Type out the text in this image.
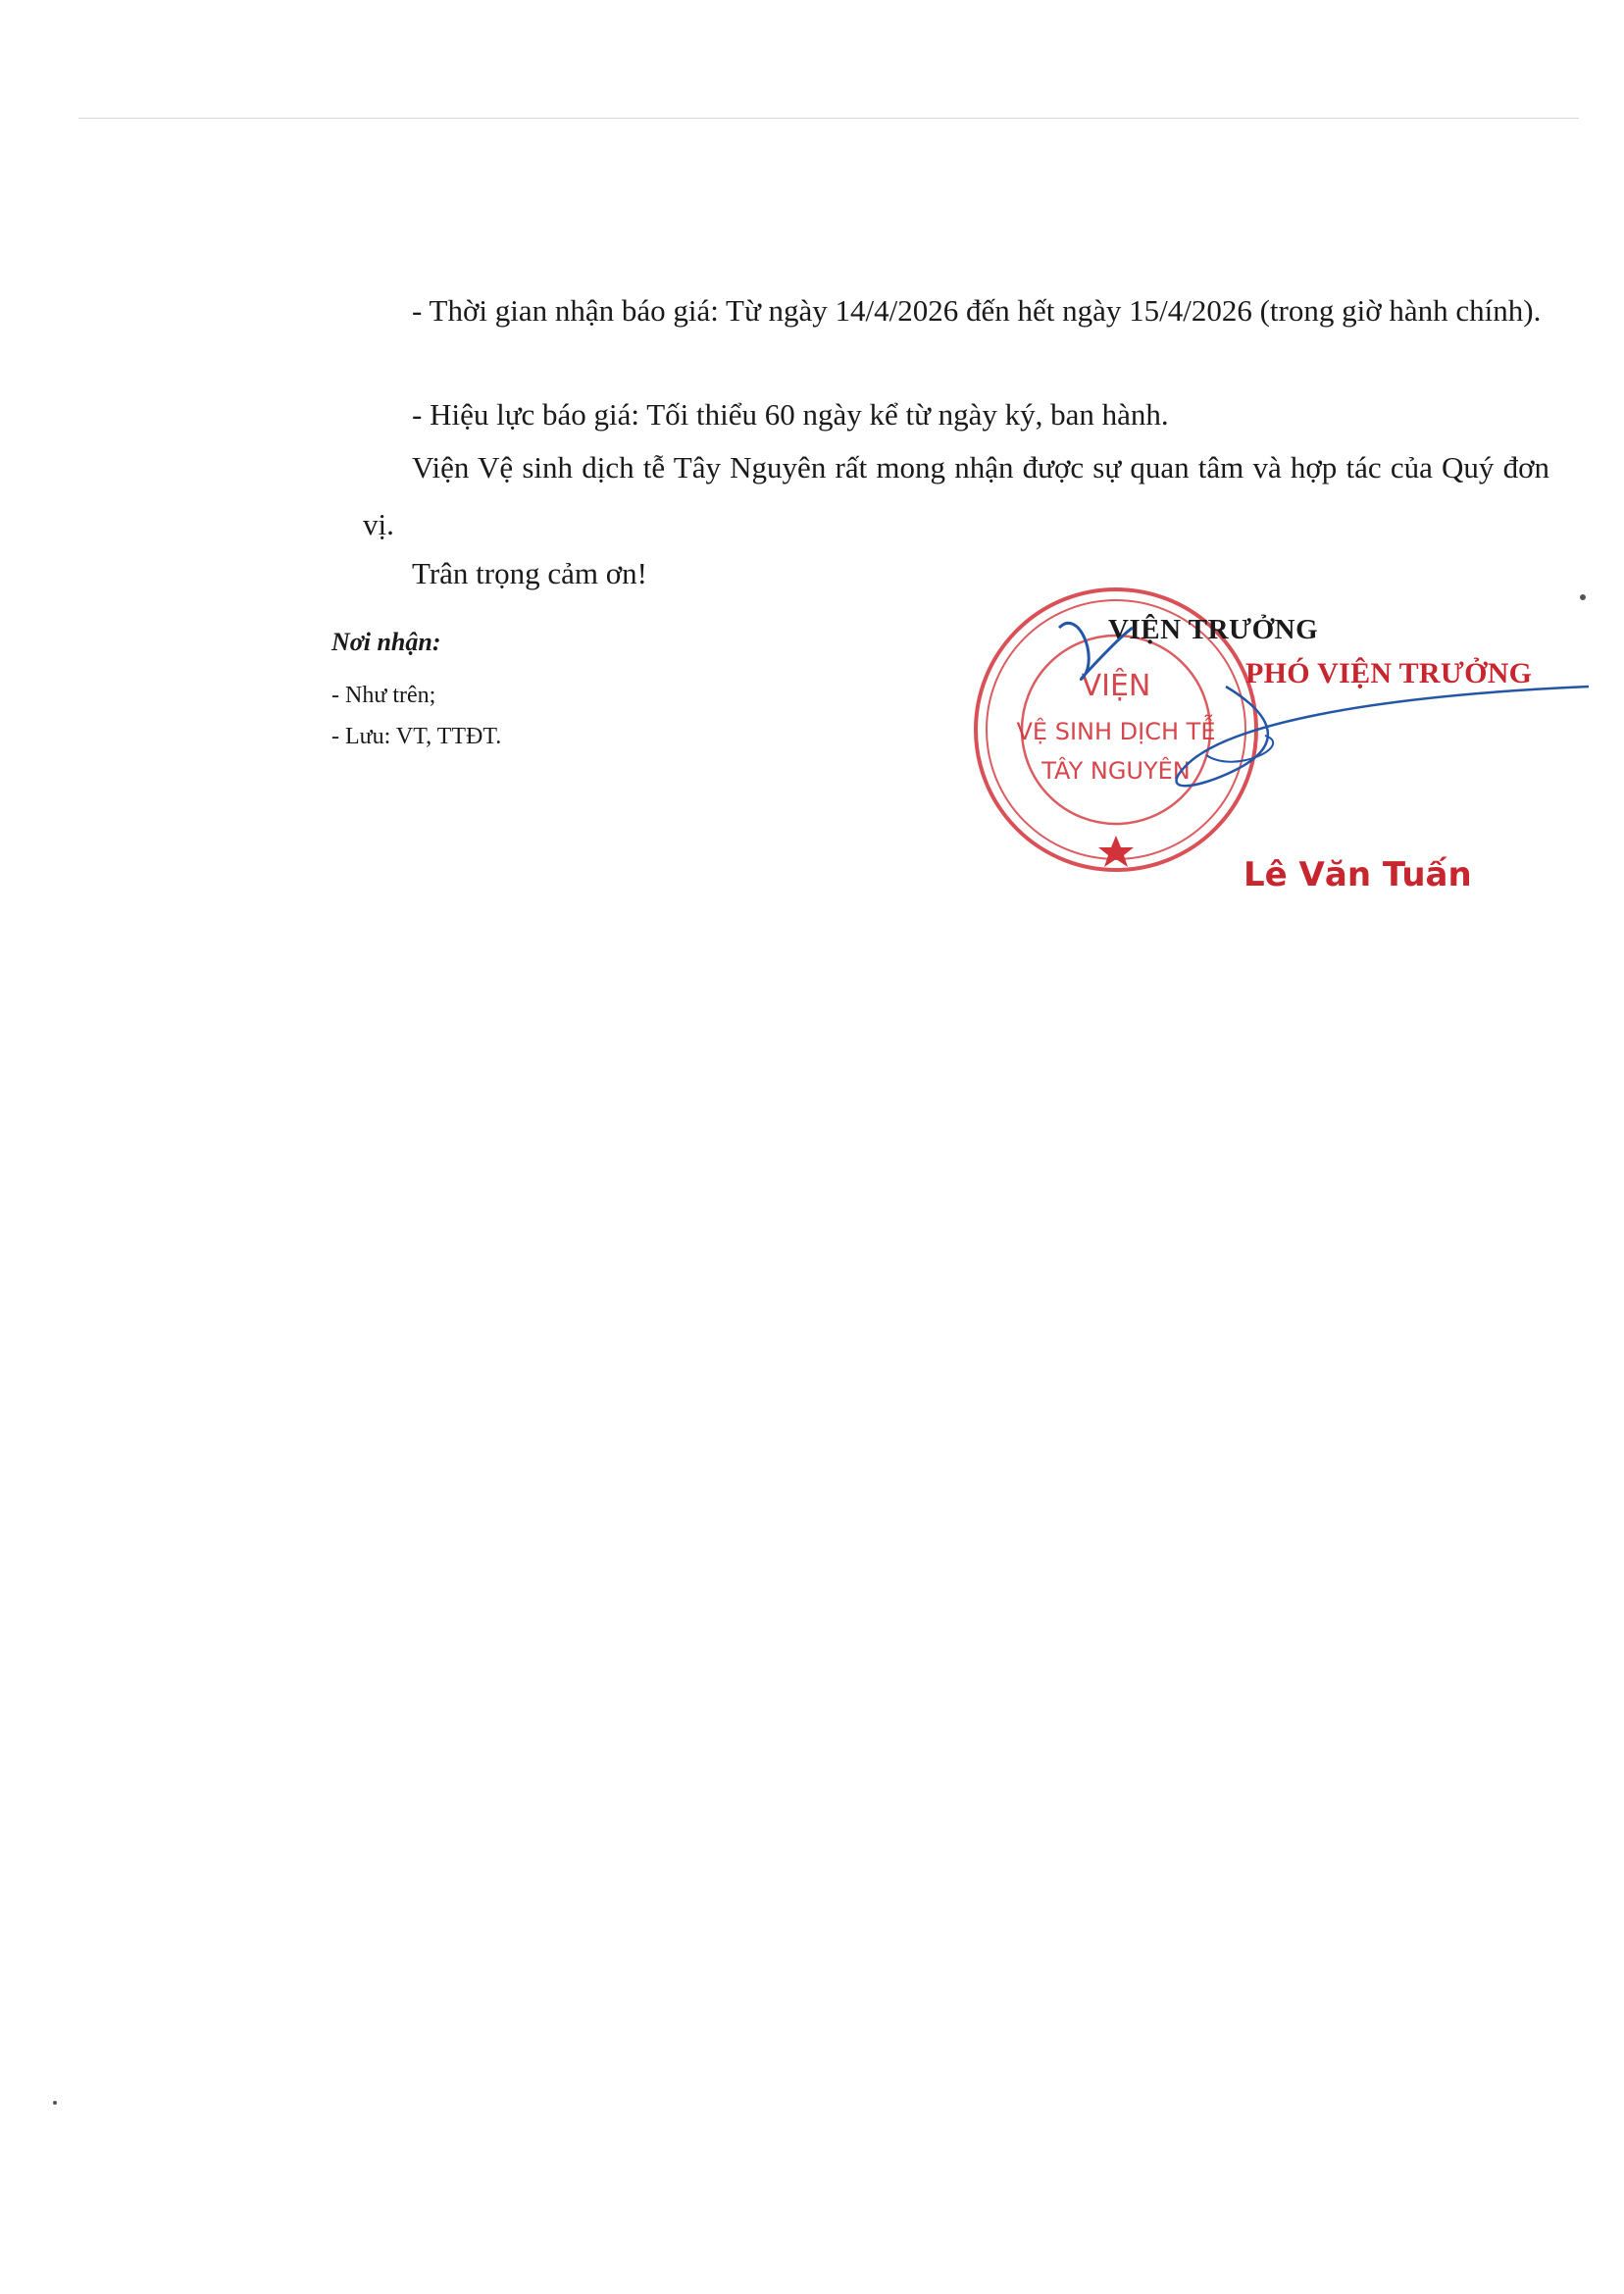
- Thời gian nhận báo giá: Từ ngày 14/4/2026 đến hết ngày 15/4/2026 (trong giờ hành chính).

- Hiệu lực báo giá: Tối thiểu 60 ngày kể từ ngày ký, ban hành.

Viện Vệ sinh dịch tễ Tây Nguyên rất mong nhận được sự quan tâm và hợp tác của Quý đơn vị.

Trân trọng cảm ơn!

Nơi nhận:
- Như trên;
- Lưu: VT, TTĐT.
VIỆN
VỆ SINH DỊCH TỄ
TÂY NGUYÊN
VIỆN TRƯỞNG
PHÓ VIỆN TRƯỞNG
Lê Văn Tuấn
